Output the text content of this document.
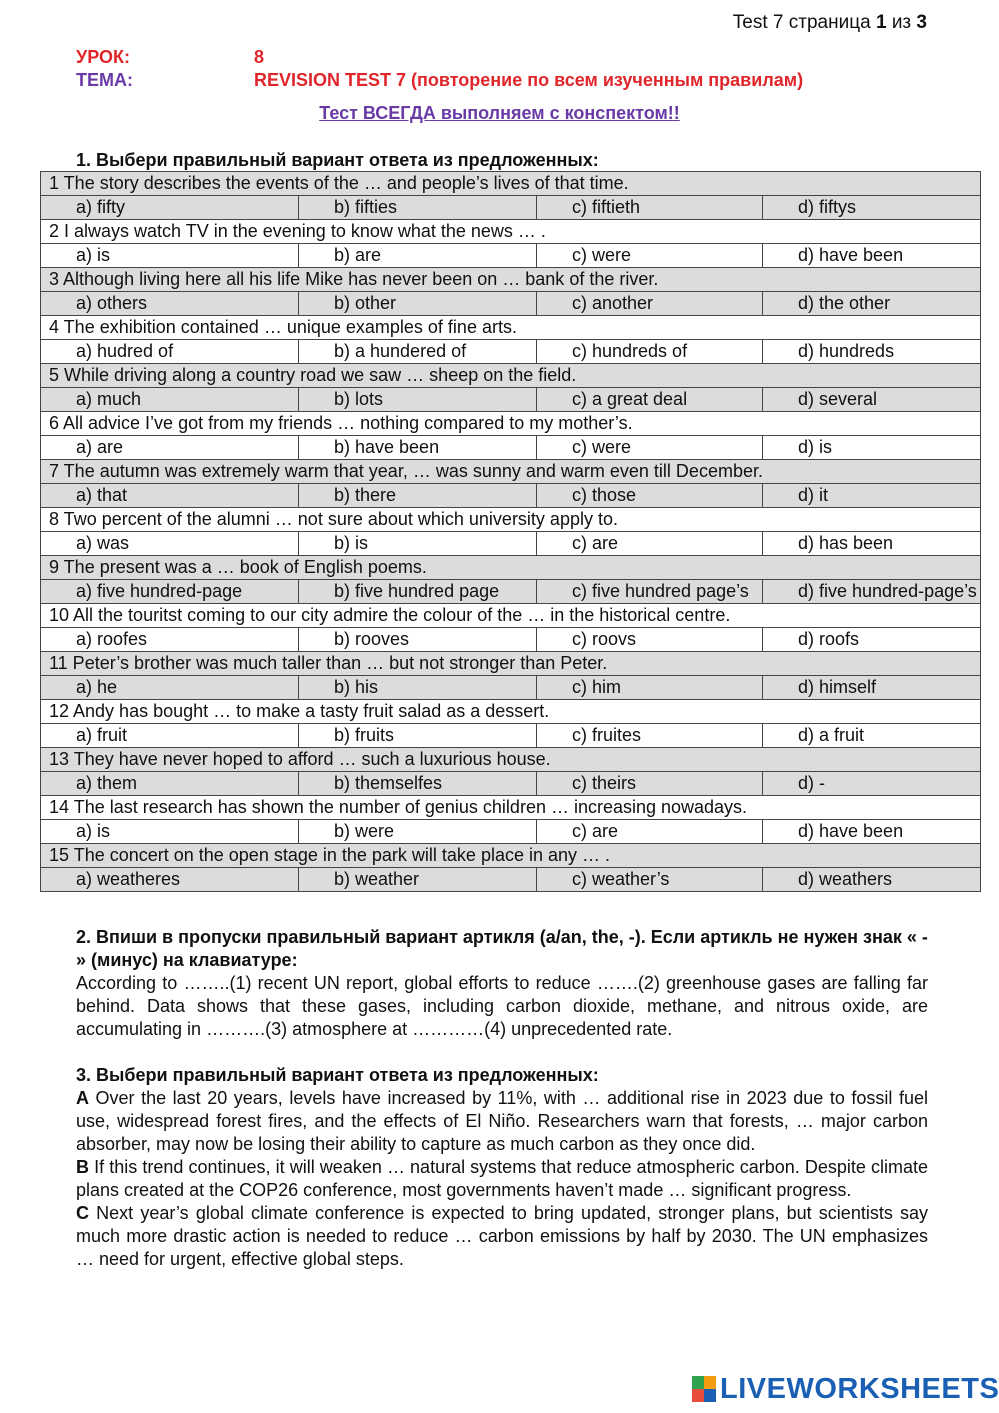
Test 7 страница 1 из 3
УРОК:	8
ТЕМА:	REVISION TEST 7 (повторение по всем изученным правилам)
Тест ВСЕГДА выполняем с конспектом!!
1. Выбери правильный вариант ответа из предложенных:
1 The story describes the events of the … and people’s lives of that time.			
a) fifty	b) fifties	c) fiftieth	d) fiftys
2 I always watch TV in the evening to know what the news … .			
a) is	b) are	c) were	d) have been
3 Although living here all his life Mike has never been on … bank of the river.			
a) others	b) other	c) another	d) the other
4 The exhibition contained … unique examples of fine arts.			
a) hudred of	b) a hundered of	c) hundreds of	d) hundreds
5 While driving along a country road we saw … sheep on the field.			
a) much	b) lots	c) a great deal	d) several
6 All advice I’ve got from my friends … nothing compared to my mother’s.			
a) are	b) have been	c) were	d) is
7 The autumn was extremely warm that year, … was sunny and warm even till December.			
a) that	b) there	c) those	d) it
8 Two percent of the alumni … not sure about which university apply to.			
a) was	b) is	c) are	d) has been
9 The present was a … book of English poems.			
a) five hundred-page	b) five hundred page	c) five hundred page’s	d) five hundred-page’s
10 All the touritst coming to our city admire the colour of the … in the historical centre.			
a) roofes	b) rooves	c) roovs	d) roofs
11 Peter’s brother was much taller than … but not stronger than Peter.			
a) he	b) his	c) him	d) himself
12 Andy has bought … to make a tasty fruit salad as a dessert.			
a) fruit	b) fruits	c) fruites	d) a fruit
13 They have never hoped to afford … such a luxurious house.			
a) them	b) themselfes	c) theirs	d) -
14 The last research has shown the number of genius children … increasing nowadays.			
a) is	b) were	c) are	d) have been
15 The concert on the open stage in the park will take place in any … .			
a) weatheres	b) weather	c) weather’s	d) weathers
2. Впиши в пропуски правильный вариант артикля (a/an, the, -). Если артикль не нужен знак « - » (минус) на клавиатуре:
According to ……..(1) recent UN report, global efforts to reduce …….(2) greenhouse gases are falling far behind. Data shows that these gases, including carbon dioxide, methane, and nitrous oxide, are accumulating in ……….(3) atmosphere at …………(4) unprecedented rate.
3. Выбери правильный вариант ответа из предложенных:

A Over the last 20 years, levels have increased by 11%, with … additional rise in 2023 due to fossil fuel use, widespread forest fires, and the effects of El Niño. Researchers warn that forests, … major carbon absorber, may now be losing their ability to capture as much carbon as they once did.

B If this trend continues, it will weaken … natural systems that reduce atmospheric carbon. Despite climate plans created at the COP26 conference, most governments haven’t made … significant progress.

C Next year’s global climate conference is expected to bring updated, stronger plans, but scientists say much more drastic action is needed to reduce … carbon emissions by half by 2030. The UN emphasizes … need for urgent, effective global steps.

LIVEWORKSHEETS
